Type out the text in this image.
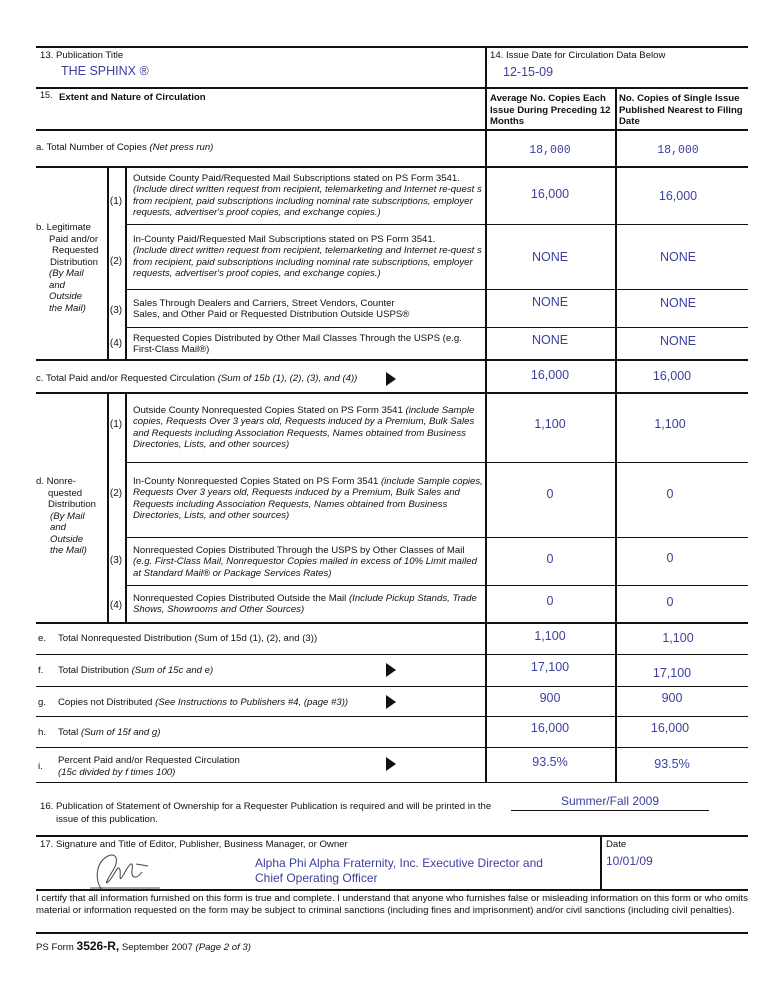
13. Publication Title
THE SPHINX ®
14. Issue Date for Circulation Data Below
12-15-09
15. Extent and Nature of Circulation	Average No. Copies Each Issue During Preceding 12 Months
No. Copies of Single Issue Published Nearest to Filing Date
a. Total Number of Copies (Net press run)	18,000	18,000
b. Legitimate
Paid and/or
Requested
Distribution
(By Mail
and
Outside
the Mail)
(1)
Outside County Paid/Requested Mail Subscriptions stated on PS Form 3541.
(Include direct written request from recipient, telemarketing and Internet re-quest s from recipient, paid subscriptions including nominal rate subscriptions, employer requests, advertiser's proof copies, and exchange copies.)
16,000	16,000
(2)
In-County Paid/Requested Mail Subscriptions stated on PS Form 3541.
(Include direct written request from recipient, telemarketing and Internet re-quest s from recipient, paid subscriptions including nominal rate subscriptions, employer requests, advertiser's proof copies, and exchange copies.)
NONE	NONE
(3)
Sales Through Dealers and Carriers, Street Vendors, Counter Sales, and Other Paid or Requested Distribution Outside USPS®
NONE	NONE
(4)	Requested Copies Distributed by Other Mail Classes Through the USPS (e.g. First-Class Mail®)
NONE	NONE
c. Total Paid and/or Requested Circulation (Sum of 15b (1), (2), (3), and (4))	16,000	16,000
d. Nonre-
quested
Distribution
(By Mail
and
Outside
the Mail)
(1)
Outside County Nonrequested Copies Stated on PS Form 3541 (include Sample copies, Requests Over 3 years old, Requests induced by a Premium, Bulk Sales and Requests including Association Requests, Names obtained from Business Directories, Lists, and other sources)
1,100	1,100
(2)
In-County Nonrequested Copies Stated on PS Form 3541 (include Sample copies, Requests Over 3 years old, Requests induced by a Premium, Bulk Sales and Requests including Association Requests, Names obtained from Business Directories, Lists, and other sources)
0	0
(3)
Nonrequested Copies Distributed Through the USPS by Other Classes of Mail (e.g. First-Class Mail, Nonrequestor Copies mailed in excess of 10% Limit mailed at Standard Mail® or Package Services Rates)
0	0
(4)
Nonrequested Copies Distributed Outside the Mail (Include Pickup Stands, Trade Shows, Showrooms and Other Sources)
0	0
e. Total Nonrequested Distribution (Sum of 15d (1), (2), and (3))	1,100	1,100
f. Total Distribution (Sum of 15c and e)	17,100	17,100
g. Copies not Distributed (See Instructions to Publishers #4, (page #3))	900	900
h. Total (Sum of 15f and g)	16,000	16,000
i.
Percent Paid and/or Requested Circulation
(15c divided by f times 100)
93.5%	93.5%
16. Publication of Statement of Ownership for a Requester Publication is required and will be printed in the	Summer/Fall 2009
issue of this publication.
17. Signature and Title of Editor, Publisher, Business Manager, or Owner
Alpha Phi Alpha Fraternity, Inc. Executive Director and
Chief Operating Officer
Date
10/01/09
I certify that all information furnished on this form is true and complete. I understand that anyone who furnishes false or misleading information on this form or who omits material or information requested on the form may be subject to criminal sanctions (including fines and imprisonment) and/or civil sanctions (including civil penalties).
PS Form 3526-R, September 2007 (Page 2 of 3)
